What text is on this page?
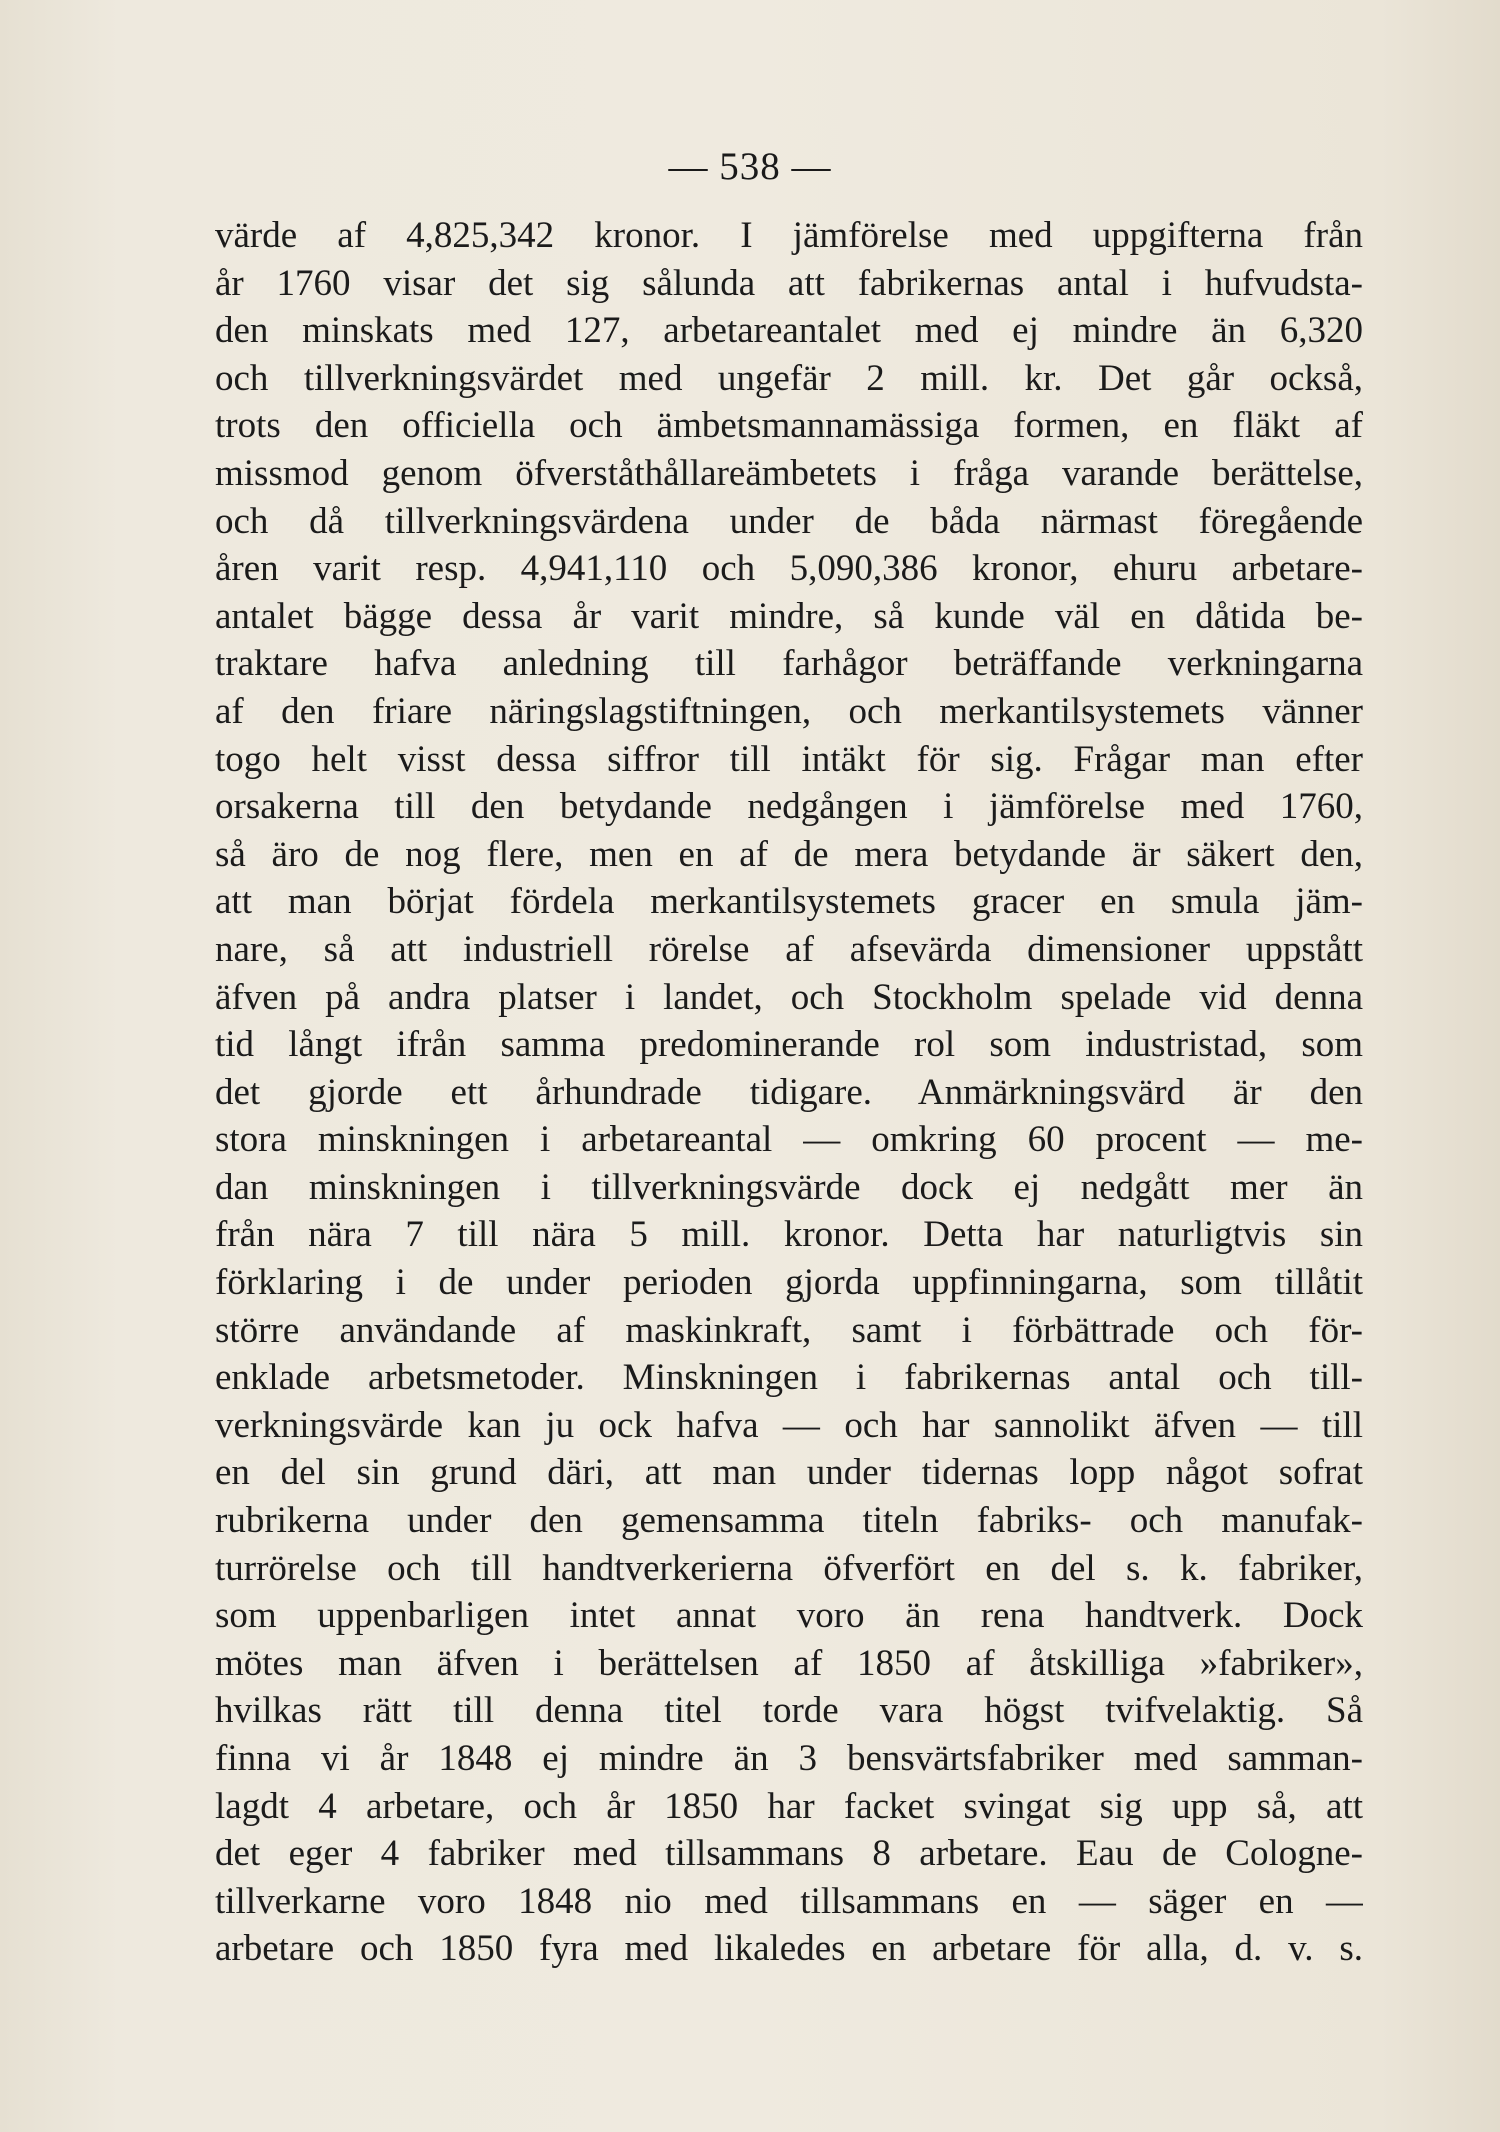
— 538 —
värde af 4,825,342 kronor. I jämförelse med uppgifterna från
år 1760 visar det sig sålunda att fabrikernas antal i hufvudsta-
den minskats med 127, arbetareantalet med ej mindre än 6,320
och tillverkningsvärdet med ungefär 2 mill. kr. Det går också,
trots den officiella och ämbetsmannamässiga formen, en fläkt af
missmod genom öfverståthållareämbetets i fråga varande berättelse,
och då tillverkningsvärdena under de båda närmast föregående
åren varit resp. 4,941,110 och 5,090,386 kronor, ehuru arbetare-
antalet bägge dessa år varit mindre, så kunde väl en dåtida be-
traktare hafva anledning till farhågor beträffande verkningarna
af den friare näringslagstiftningen, och merkantilsystemets vänner
togo helt visst dessa siffror till intäkt för sig. Frågar man efter
orsakerna till den betydande nedgången i jämförelse med 1760,
så äro de nog flere, men en af de mera betydande är säkert den,
att man börjat fördela merkantilsystemets gracer en smula jäm-
nare, så att industriell rörelse af afsevärda dimensioner uppstått
äfven på andra platser i landet, och Stockholm spelade vid denna
tid långt ifrån samma predominerande rol som industristad, som
det gjorde ett århundrade tidigare. Anmärkningsvärd är den
stora minskningen i arbetareantal — omkring 60 procent — me-
dan minskningen i tillverkningsvärde dock ej nedgått mer än
från nära 7 till nära 5 mill. kronor. Detta har naturligtvis sin
förklaring i de under perioden gjorda uppfinningarna, som tillåtit
större användande af maskinkraft, samt i förbättrade och för-
enklade arbetsmetoder. Minskningen i fabrikernas antal och till-
verkningsvärde kan ju ock hafva — och har sannolikt äfven — till
en del sin grund däri, att man under tidernas lopp något sofrat
rubrikerna under den gemensamma titeln fabriks- och manufak-
turrörelse och till handtverkerierna öfverfört en del s. k. fabriker,
som uppenbarligen intet annat voro än rena handtverk. Dock
mötes man äfven i berättelsen af 1850 af åtskilliga »fabriker»,
hvilkas rätt till denna titel torde vara högst tvifvelaktig. Så
finna vi år 1848 ej mindre än 3 bensvärtsfabriker med samman-
lagdt 4 arbetare, och år 1850 har facket svingat sig upp så, att
det eger 4 fabriker med tillsammans 8 arbetare. Eau de Cologne-
tillverkarne voro 1848 nio med tillsammans en — säger en —
arbetare och 1850 fyra med likaledes en arbetare för alla, d. v. s.
